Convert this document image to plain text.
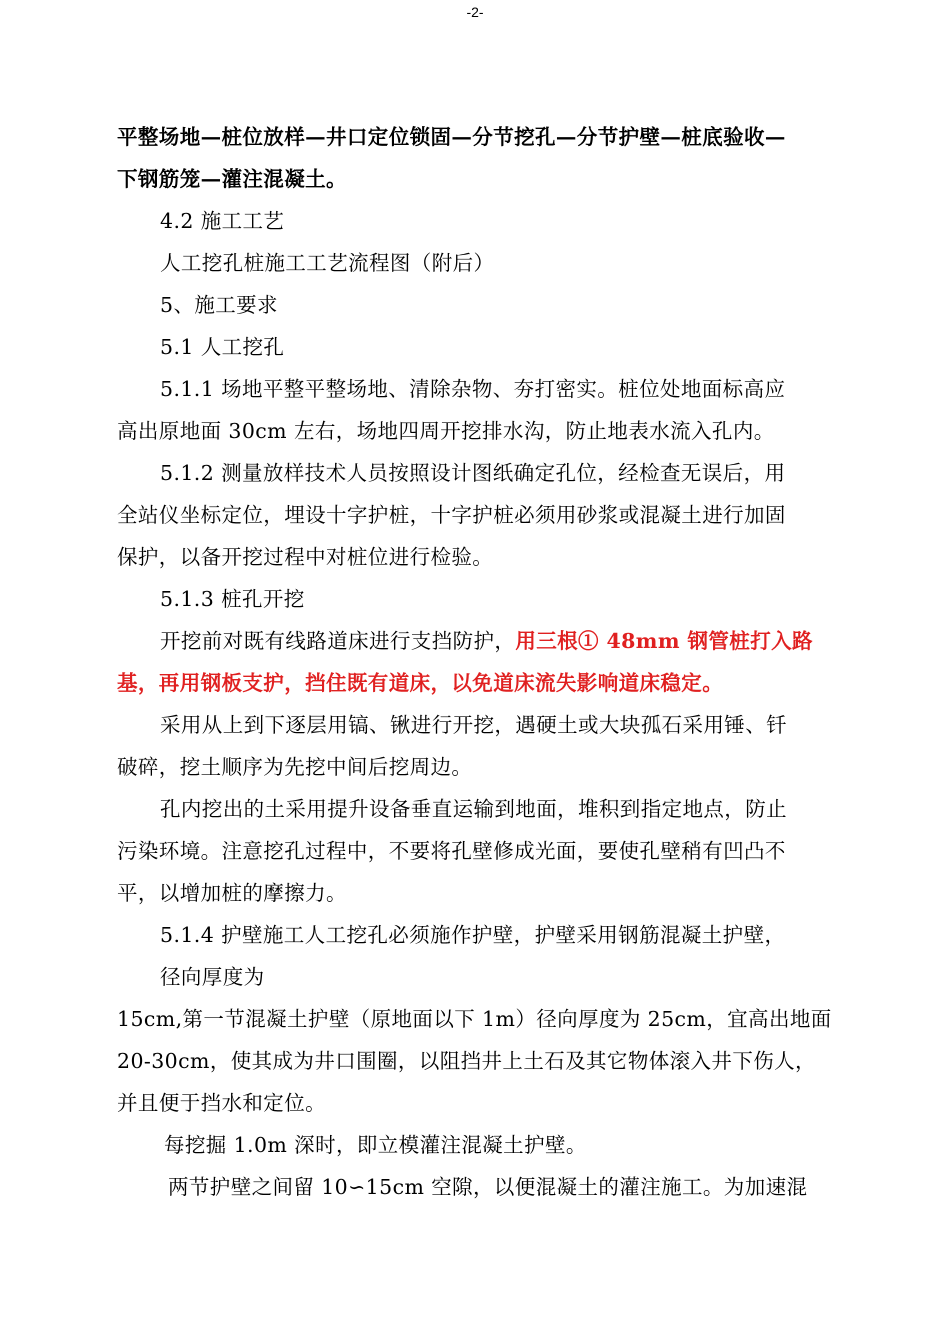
-2-
平整场地—桩位放样—井口定位锁固—分节挖孔—分节护壁—桩底验收—
下钢筋笼—灌注混凝土。
4.2 施工工艺
人工挖孔桩施工工艺流程图（附后）
5、施工要求
5.1 人工挖孔
5.1.1 场地平整平整场地、清除杂物、夯打密实。桩位处地面标高应
高出原地面 30cm 左右，场地四周开挖排水沟，防止地表水流入孔内。
5.1.2 测量放样技术人员按照设计图纸确定孔位，经检查无误后，用
全站仪坐标定位，埋设十字护桩，十字护桩必须用砂浆或混凝土进行加固
保护，以备开挖过程中对桩位进行检验。
5.1.3 桩孔开挖
开挖前对既有线路道床进行支挡防护，用三根① 48mm 钢管桩打入路
基，再用钢板支护，挡住既有道床，以免道床流失影响道床稳定。
采用从上到下逐层用镐、锹进行开挖，遇硬土或大块孤石采用锤、钎
破碎，挖土顺序为先挖中间后挖周边。
孔内挖出的土采用提升设备垂直运输到地面，堆积到指定地点，防止
污染环境。注意挖孔过程中，不要将孔壁修成光面，要使孔壁稍有凹凸不
平，以增加桩的摩擦力。
5.1.4 护壁施工人工挖孔必须施作护壁，护壁采用钢筋混凝土护壁，
径向厚度为
15cm,第一节混凝土护壁（原地面以下 1m）径向厚度为 25cm，宜高出地面
20-30cm，使其成为井口围圈，以阻挡井上土石及其它物体滚入井下伤人，
并且便于挡水和定位。
每挖掘 1.0m 深时，即立模灌注混凝土护壁。
两节护壁之间留 10∽15cm 空隙，以便混凝土的灌注施工。为加速混
